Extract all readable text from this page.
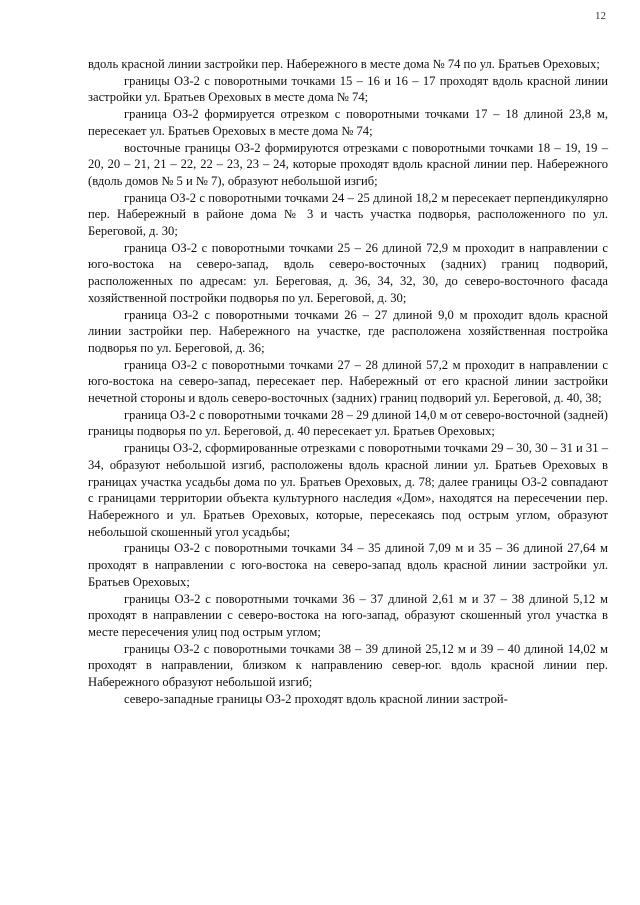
12

вдоль красной линии застройки пер. Набережного в месте дома № 74 по ул. Братьев Ореховых;

границы ОЗ-2 с поворотными точками 15 – 16 и 16 – 17 проходят вдоль красной линии застройки ул. Братьев Ореховых в месте дома № 74;

граница ОЗ-2 формируется отрезком с поворотными точками 17 – 18 длиной 23,8 м, пересекает ул. Братьев Ореховых в месте дома № 74;

восточные границы ОЗ-2 формируются отрезками с поворотными точками 18 – 19, 19 – 20, 20 – 21, 21 – 22, 22 – 23, 23 – 24, которые проходят вдоль красной линии пер. Набережного (вдоль домов № 5 и № 7), образуют небольшой изгиб;

граница ОЗ-2 с поворотными точками 24 – 25 длиной 18,2 м пересекает перпендикулярно пер. Набережный в районе дома № 3 и часть участка подворья, расположенного по ул. Береговой, д. 30;

граница ОЗ-2 с поворотными точками 25 – 26 длиной 72,9 м проходит в направлении с юго-востока на северо-запад, вдоль северо-восточных (задних) границ подворий, расположенных по адресам: ул. Береговая, д. 36, 34, 32, 30, до северо-восточного фасада хозяйственной постройки подворья по ул. Береговой, д. 30;

граница ОЗ-2 с поворотными точками 26 – 27 длиной 9,0 м проходит вдоль красной линии застройки пер. Набережного на участке, где расположена хозяйственная постройка подворья по ул. Береговой, д. 36;

граница ОЗ-2 с поворотными точками 27 – 28 длиной 57,2 м проходит в направлении с юго-востока на северо-запад, пересекает пер. Набережный от его красной линии застройки нечетной стороны и вдоль северо-восточных (задних) границ подворий ул. Береговой, д. 40, 38;

граница ОЗ-2 с поворотными точками 28 – 29 длиной 14,0 м от северо-восточной (задней) границы подворья по ул. Береговой, д. 40 пересекает ул. Братьев Ореховых;

границы ОЗ-2, сформированные отрезками с поворотными точками 29 – 30, 30 – 31 и 31 – 34, образуют небольшой изгиб, расположены вдоль красной линии ул. Братьев Ореховых в границах участка усадьбы дома по ул. Братьев Ореховых, д. 78; далее границы ОЗ-2 совпадают с границами территории объекта культурного наследия «Дом», находятся на пересечении пер. Набережного и ул. Братьев Ореховых, которые, пересекаясь под острым углом, образуют небольшой скошенный угол усадьбы;

границы ОЗ-2 с поворотными точками 34 – 35 длиной 7,09 м и 35 – 36 длиной 27,64 м проходят в направлении с юго-востока на северо-запад вдоль красной линии застройки ул. Братьев Ореховых;

границы ОЗ-2 с поворотными точками 36 – 37 длиной 2,61 м и 37 – 38 длиной 5,12 м проходят в направлении с северо-востока на юго-запад, образуют скошенный угол участка в месте пересечения улиц под острым углом;

границы ОЗ-2 с поворотными точками 38 – 39 длиной 25,12 м и 39 – 40 длиной 14,02 м проходят в направлении, близком к направлению север-юг. вдоль красной линии пер. Набережного образуют небольшой изгиб;

северо-западные границы ОЗ-2 проходят вдоль красной линии застрой-
